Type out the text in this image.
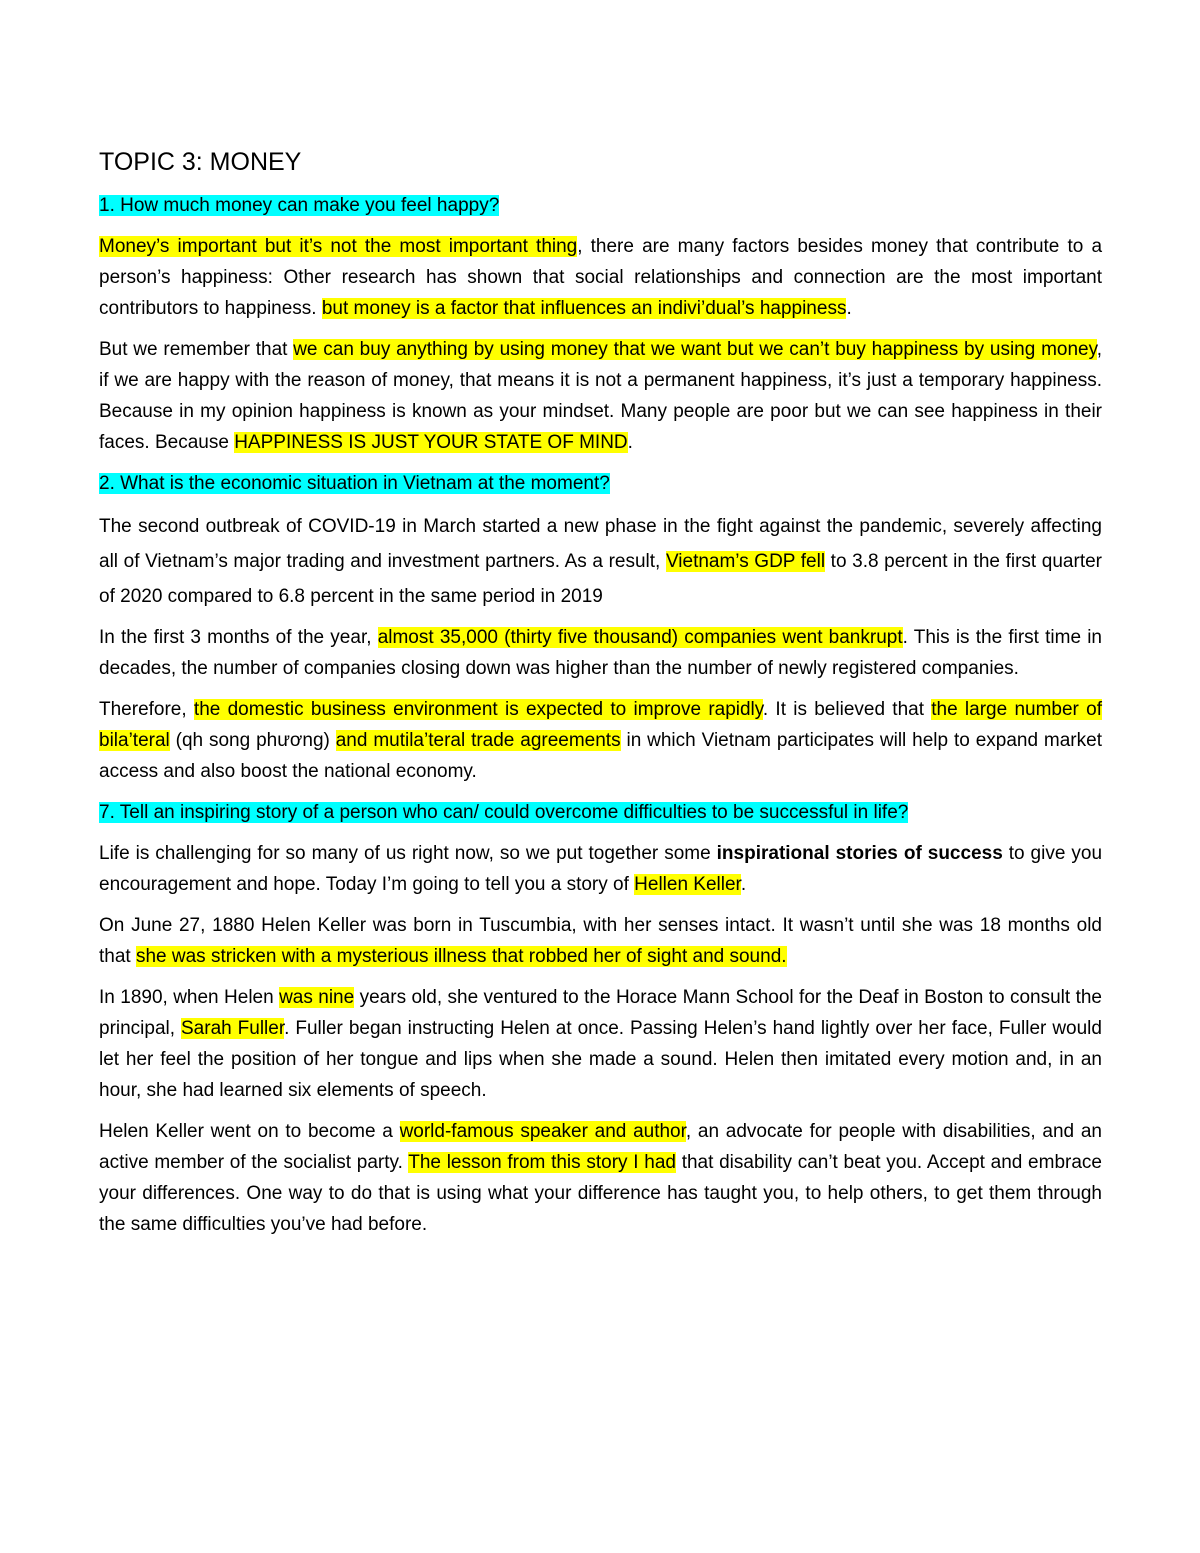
TOPIC 3: MONEY
1. How much money can make you feel happy?

Money’s important but it’s not the most important thing, there are many factors besides money that contribute to a person’s happiness: Other research has shown that social relationships and connection are the most important contributors to happiness. but money is a factor that influences an indivi’dual’s happiness.

But we remember that we can buy anything by using money that we want but we can’t buy happiness by using money, if we are happy with the reason of money, that means it is not a permanent happiness, it’s just a temporary happiness. Because in my opinion happiness is known as your mindset. Many people are poor but we can see happiness in their faces. Because HAPPINESS IS JUST YOUR STATE OF MIND.

2. What is the economic situation in Vietnam at the moment?

The second outbreak of COVID-19 in March started a new phase in the fight against the pandemic, severely affecting all of Vietnam’s major trading and investment partners. As a result, Vietnam’s GDP fell to 3.8 percent in the first quarter of 2020 compared to 6.8 percent in the same period in 2019

In the first 3 months of the year, almost 35,000 (thirty five thousand) companies went bankrupt. This is the first time in decades, the number of companies closing down was higher than the number of newly registered companies.

Therefore, the domestic business environment is expected to improve rapidly. It is believed that the large number of bila’teral (qh song phương) and mutila’teral trade agreements in which Vietnam participates will help to expand market access and also boost the national economy.

7. Tell an inspiring story of a person who can/ could overcome difficulties to be successful in life?

Life is challenging for so many of us right now, so we put together some inspirational stories of success to give you encouragement and hope. Today I’m going to tell you a story of Hellen Keller.

On June 27, 1880 Helen Keller was born in Tuscumbia, with her senses intact. It wasn’t until she was 18 months old that she was stricken with a mysterious illness that robbed her of sight and sound.

In 1890, when Helen was nine years old, she ventured to the Horace Mann School for the Deaf in Boston to consult the principal, Sarah Fuller. Fuller began instructing Helen at once. Passing Helen’s hand lightly over her face, Fuller would let her feel the position of her tongue and lips when she made a sound. Helen then imitated every motion and, in an hour, she had learned six elements of speech.

Helen Keller went on to become a world-famous speaker and author, an advocate for people with disabilities, and an active member of the socialist party. The lesson from this story I had that disability can’t beat you. Accept and embrace your differences. One way to do that is using what your difference has taught you, to help others, to get them through the same difficulties you’ve had before.
